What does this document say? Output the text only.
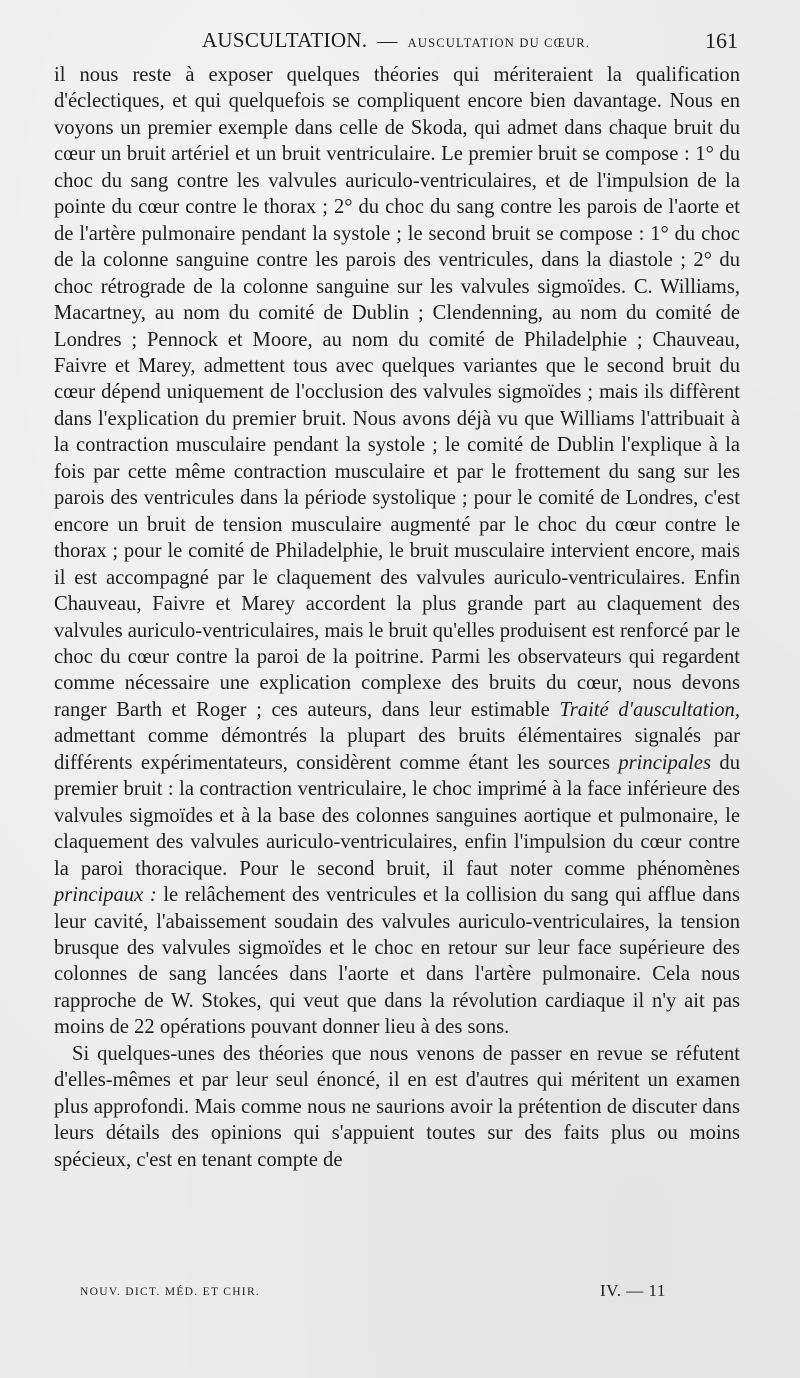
AUSCULTATION. — AUSCULTATION DU CŒUR.	161

il nous reste à exposer quelques théories qui mériteraient la qualification d'éclectiques, et qui quelquefois se compliquent encore bien davantage. Nous en voyons un premier exemple dans celle de Skoda, qui admet dans chaque bruit du cœur un bruit artériel et un bruit ventriculaire. Le premier bruit se compose : 1° du choc du sang contre les valvules auriculo-ventriculaires, et de l'impulsion de la pointe du cœur contre le thorax ; 2° du choc du sang contre les parois de l'aorte et de l'artère pulmonaire pendant la systole ; le second bruit se compose : 1° du choc de la colonne sanguine contre les parois des ventricules, dans la diastole ; 2° du choc rétrograde de la colonne sanguine sur les valvules sigmoïdes. C. Williams, Macartney, au nom du comité de Dublin ; Clendenning, au nom du comité de Londres ; Pennock et Moore, au nom du comité de Philadelphie ; Chauveau, Faivre et Marey, admettent tous avec quelques variantes que le second bruit du cœur dépend uniquement de l'occlusion des valvules sigmoïdes ; mais ils diffèrent dans l'explication du premier bruit. Nous avons déjà vu que Williams l'attribuait à la contraction musculaire pendant la systole ; le comité de Dublin l'explique à la fois par cette même contraction musculaire et par le frottement du sang sur les parois des ventricules dans la période systolique ; pour le comité de Londres, c'est encore un bruit de tension musculaire augmenté par le choc du cœur contre le thorax ; pour le comité de Philadelphie, le bruit musculaire intervient encore, mais il est accompagné par le claquement des valvules auriculo-ventriculaires. Enfin Chauveau, Faivre et Marey accordent la plus grande part au claquement des valvules auriculo-ventriculaires, mais le bruit qu'elles produisent est renforcé par le choc du cœur contre la paroi de la poitrine. Parmi les observateurs qui regardent comme nécessaire une explication complexe des bruits du cœur, nous devons ranger Barth et Roger ; ces auteurs, dans leur estimable Traité d'auscultation, admettant comme démontrés la plupart des bruits élémentaires signalés par différents expérimentateurs, considèrent comme étant les sources principales du premier bruit : la contraction ventriculaire, le choc imprimé à la face inférieure des valvules sigmoïdes et à la base des colonnes sanguines aortique et pulmonaire, le claquement des valvules auriculo-ventriculaires, enfin l'impulsion du cœur contre la paroi thoracique. Pour le second bruit, il faut noter comme phénomènes principaux : le relâchement des ventricules et la collision du sang qui afflue dans leur cavité, l'abaissement soudain des valvules auriculo-ventriculaires, la tension brusque des valvules sigmoïdes et le choc en retour sur leur face supérieure des colonnes de sang lancées dans l'aorte et dans l'artère pulmonaire. Cela nous rapproche de W. Stokes, qui veut que dans la révolution cardiaque il n'y ait pas moins de 22 opérations pouvant donner lieu à des sons.

Si quelques-unes des théories que nous venons de passer en revue se réfutent d'elles-mêmes et par leur seul énoncé, il en est d'autres qui méritent un examen plus approfondi. Mais comme nous ne saurions avoir la prétention de discuter dans leurs détails des opinions qui s'appuient toutes sur des faits plus ou moins spécieux, c'est en tenant compte de

NOUV. DICT. MÉD. ET CHIR.	IV. — 11
